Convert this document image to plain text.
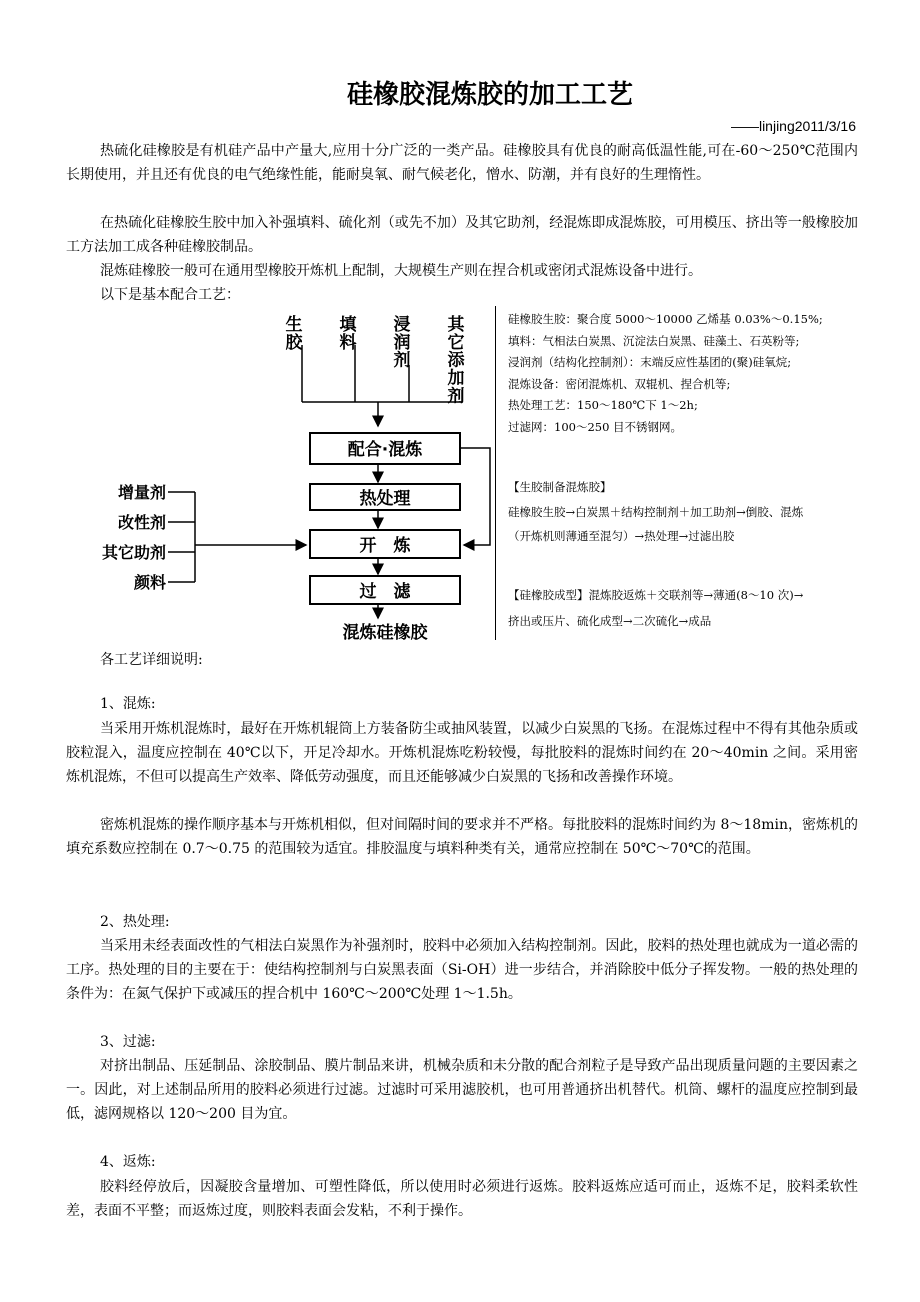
硅橡胶混炼胶的加工工艺
——linjing2011/3/16
热硫化硅橡胶是有机硅产品中产量大,应用十分广泛的一类产品。硅橡胶具有优良的耐高低温性能,可在-60～250℃范围内长期使用，并且还有优良的电气绝缘性能，能耐臭氧、耐气候老化，憎水、防潮，并有良好的生理惰性。
在热硫化硅橡胶生胶中加入补强填料、硫化剂（或先不加）及其它助剂，经混炼即成混炼胶，可用模压、挤出等一般橡胶加工方法加工成各种硅橡胶制品。
混炼硅橡胶一般可在通用型橡胶开炼机上配制，大规模生产则在捏合机或密闭式混炼设备中进行。
以下是基本配合工艺：
生胶
填料
浸润剂
其它添加剂
配合·混炼
热处理
开　炼
过　滤
混炼硅橡胶
增量剂
改性剂
其它助剂
颜料
硅橡胶生胶：聚合度 5000～10000 乙烯基 0.03%～0.15%;
填料：气相法白炭黑、沉淀法白炭黑、硅藻土、石英粉等;
浸润剂（结构化控制剂）：末端反应性基团的(聚)硅氧烷;
混炼设备：密闭混炼机、双辊机、捏合机等;
热处理工艺：150～180℃下 1～2h;
过滤网：100～250 目不锈钢网。
【生胶制备混炼胶】
硅橡胶生胶→白炭黑＋结构控制剂＋加工助剂→倒胶、混炼
（开炼机则薄通至混匀）→热处理→过滤出胶
【硅橡胶成型】混炼胶返炼＋交联剂等→薄通(8～10 次)→
挤出或压片、硫化成型→二次硫化→成品
各工艺详细说明:
1、混炼:
当采用开炼机混炼时，最好在开炼机辊筒上方装备防尘或抽风装置，以减少白炭黑的飞扬。在混炼过程中不得有其他杂质或胶粒混入，温度应控制在 40℃以下，开足冷却水。开炼机混炼吃粉较慢，每批胶料的混炼时间约在 20～40min 之间。采用密炼机混炼，不但可以提高生产效率、降低劳动强度，而且还能够减少白炭黑的飞扬和改善操作环境。
密炼机混炼的操作顺序基本与开炼机相似，但对间隔时间的要求并不严格。每批胶料的混炼时间约为 8～18min，密炼机的填充系数应控制在 0.7～0.75 的范围较为适宜。排胶温度与填料种类有关，通常应控制在 50℃～70℃的范围。
2、热处理:
当采用未经表面改性的气相法白炭黑作为补强剂时，胶料中必须加入结构控制剂。因此，胶料的热处理也就成为一道必需的工序。热处理的目的主要在于：使结构控制剂与白炭黑表面（Si-OH）进一步结合，并消除胶中低分子挥发物。一般的热处理的条件为：在氮气保护下或减压的捏合机中 160℃～200℃处理 1～1.5h。
3、过滤:
对挤出制品、压延制品、涂胶制品、膜片制品来讲，机械杂质和未分散的配合剂粒子是导致产品出现质量问题的主要因素之一。因此，对上述制品所用的胶料必须进行过滤。过滤时可采用滤胶机，也可用普通挤出机替代。机筒、螺杆的温度应控制到最低，滤网规格以 120～200 目为宜。
4、返炼:
胶料经停放后，因凝胶含量增加、可塑性降低，所以使用时必须进行返炼。胶料返炼应适可而止，返炼不足，胶料柔软性差，表面不平整；而返炼过度，则胶料表面会发粘，不利于操作。
